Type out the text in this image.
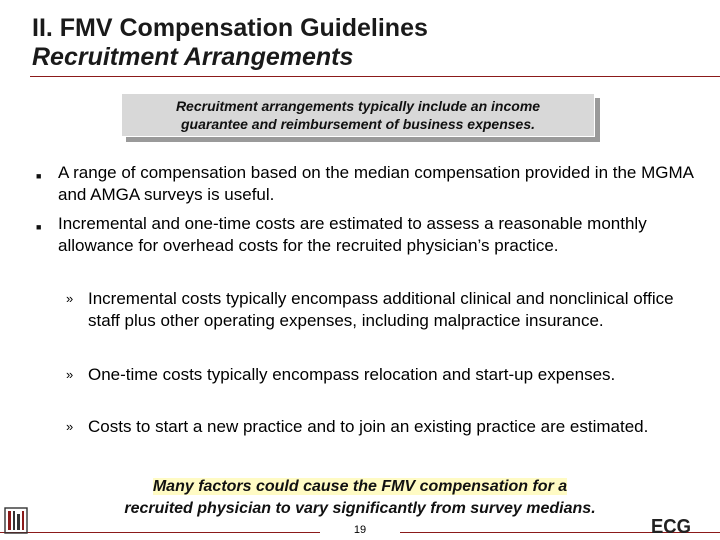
II. FMV Compensation Guidelines
Recruitment Arrangements
Recruitment arrangements typically include an income guarantee and reimbursement of business expenses.
■ A range of compensation based on the median compensation provided in the MGMA and AMGA surveys is useful.
■ Incremental and one-time costs are estimated to assess a reasonable monthly allowance for overhead costs for the recruited physician’s practice.
» Incremental costs typically encompass additional clinical and nonclinical office staff plus other operating expenses, including malpractice insurance.
» One-time costs typically encompass relocation and start-up expenses.
» Costs to start a new practice and to join an existing practice are estimated.
Many factors could cause the FMV compensation for a
recruited physician to vary significantly from survey medians.
19	ECG
